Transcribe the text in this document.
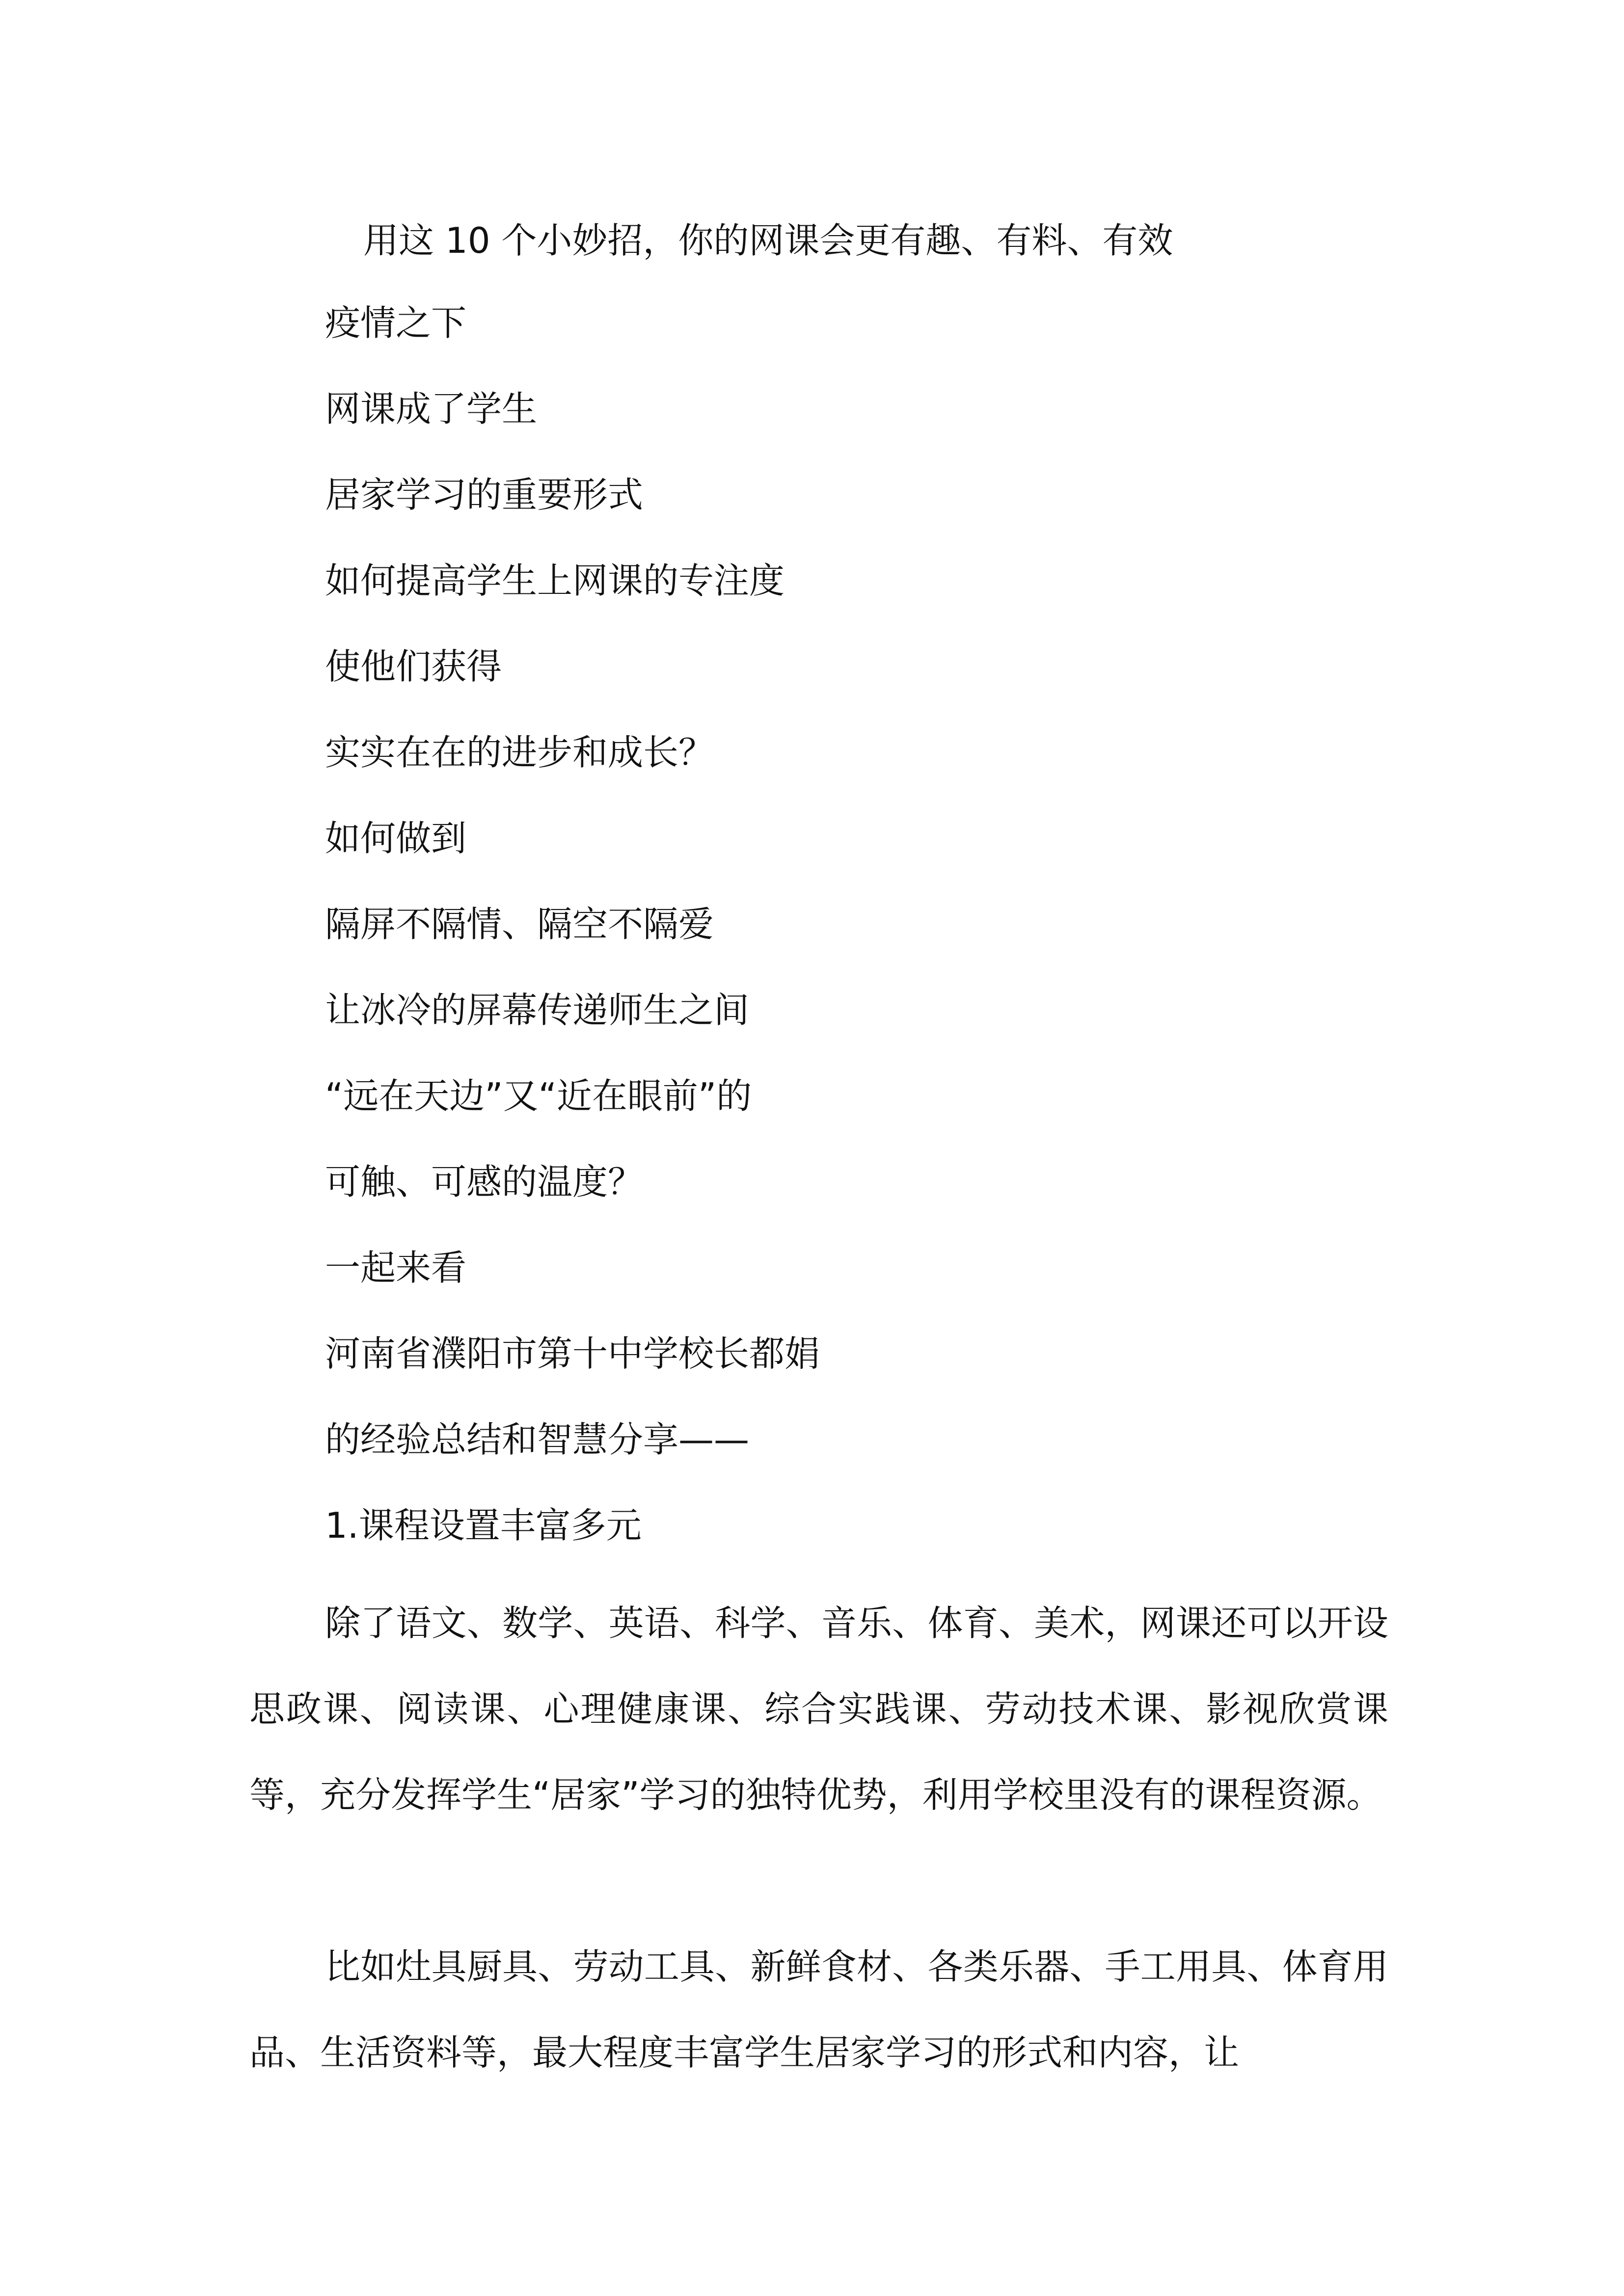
用这 10 个小妙招，你的网课会更有趣、有料、有效
疫情之下
网课成了学生
居家学习的重要形式
如何提高学生上网课的专注度
使他们获得
实实在在的进步和成长？
如何做到
隔屏不隔情、隔空不隔爱
让冰冷的屏幕传递师生之间
“远在天边”又“近在眼前”的
可触、可感的温度？
一起来看
河南省濮阳市第十中学校长都娟
的经验总结和智慧分享——
1.课程设置丰富多元

除了语文、数学、英语、科学、音乐、体育、美术，网课还可以开设思政课、阅读课、心理健康课、综合实践课、劳动技术课、影视欣赏课等，充分发挥学生“居家”学习的独特优势，利用学校里没有的课程资源。

比如灶具厨具、劳动工具、新鲜食材、各类乐器、手工用具、体育用品、生活资料等，最大程度丰富学生居家学习的形式和内容，让
